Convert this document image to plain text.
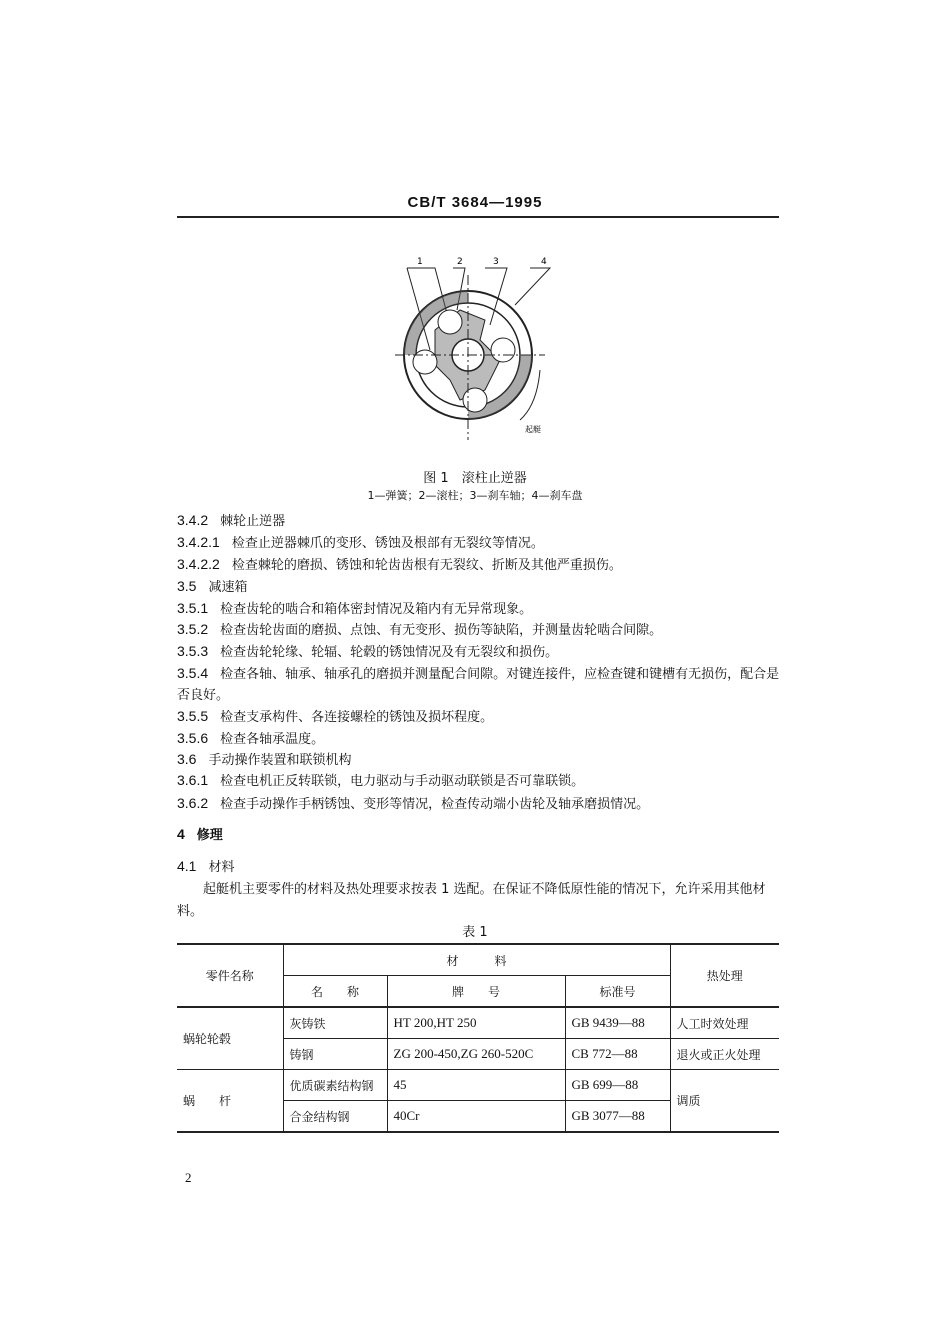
CB/T 3684—1995
1	2	3	4
起艇
图 1　滚柱止逆器
1—弹簧；2—滚柱；3—刹车轴；4—刹车盘
3.4.2 棘轮止逆器
3.4.2.1 检查止逆器棘爪的变形、锈蚀及根部有无裂纹等情况。
3.4.2.2 检查棘轮的磨损、锈蚀和轮齿齿根有无裂纹、折断及其他严重损伤。
3.5 减速箱
3.5.1 检查齿轮的啮合和箱体密封情况及箱内有无异常现象。
3.5.2 检查齿轮齿面的磨损、点蚀、有无变形、损伤等缺陷，并测量齿轮啮合间隙。
3.5.3 检查齿轮轮缘、轮辐、轮毂的锈蚀情况及有无裂纹和损伤。
3.5.4 检查各轴、轴承、轴承孔的磨损并测量配合间隙。对键连接件，应检查键和键槽有无损伤，配合是
否良好。
3.5.5 检查支承构件、各连接螺栓的锈蚀及损坏程度。
3.5.6 检查各轴承温度。
3.6 手动操作装置和联锁机构
3.6.1 检查电机正反转联锁，电力驱动与手动驱动联锁是否可靠联锁。
3.6.2 检查手动操作手柄锈蚀、变形等情况，检查传动端小齿轮及轴承磨损情况。
4 修理
4.1 材料
起艇机主要零件的材料及热处理要求按表 1 选配。在保证不降低原性能的情况下，允许采用其他材
料。
表 1
零件名称	材　　　料			热处理
	名　　称	牌　　号	标准号	
蜗轮轮毂	灰铸铁	HT 200,HT 250	GB 9439—88	人工时效处理
	铸钢	ZG 200-450,ZG 260-520C	CB 772—88	退火或正火处理
蜗　　杆	优质碳素结构钢	45	GB 699—88	调质
	合金结构钢	40Cr	GB 3077—88	
2
